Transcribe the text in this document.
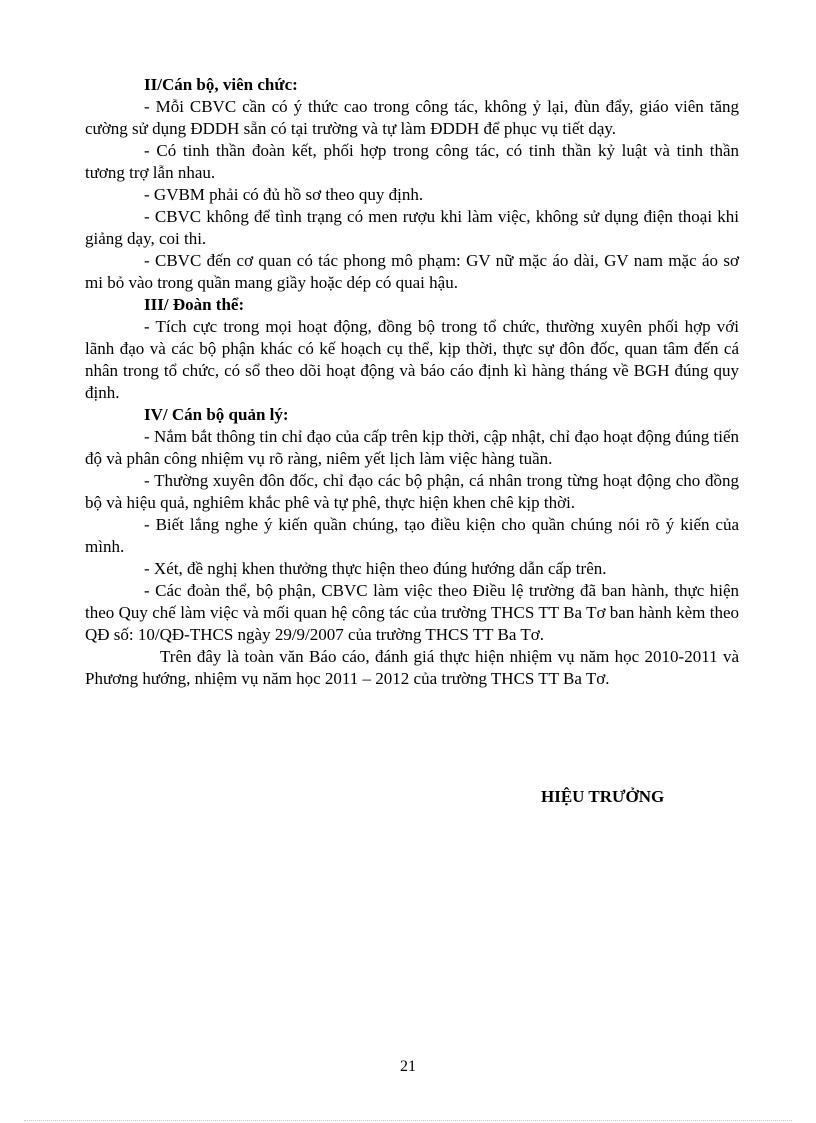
II/Cán bộ, viên chức:

- Mỗi CBVC cần có ý thức cao trong công tác, không ỷ lại, đùn đẩy, giáo viên tăng cường sử dụng ĐDDH sẵn có tại trường và tự làm ĐDDH để phục vụ tiết dạy.

- Có tinh thần đoàn kết, phối hợp trong công tác, có tinh thần kỷ luật và tinh thần tương trợ lẫn nhau.

- GVBM phải có đủ hồ sơ theo quy định.

- CBVC không để tình trạng có men rượu khi làm việc, không sử dụng điện thoại khi giảng dạy, coi thi.

- CBVC đến cơ quan có tác phong mô phạm: GV nữ mặc áo dài, GV nam mặc áo sơ mi bỏ vào trong quần mang giầy hoặc dép có quai hậu.

III/ Đoàn thể:

- Tích cực trong mọi hoạt động, đồng bộ trong tổ chức, thường xuyên phối hợp với lãnh đạo và các bộ phận khác có kế hoạch cụ thể, kịp thời, thực sự đôn đốc, quan tâm đến cá nhân trong tổ chức, có sổ theo dõi hoạt động và báo cáo định kì hàng tháng về BGH đúng quy định.

IV/ Cán bộ quản lý:

- Nắm bắt thông tin chỉ đạo của cấp trên kịp thời, cập nhật, chỉ đạo hoạt động đúng tiến độ và phân công nhiệm vụ rõ ràng, niêm yết lịch làm việc hàng tuần.

- Thường xuyên đôn đốc, chỉ đạo các bộ phận, cá nhân trong từng hoạt động cho đồng bộ và hiệu quả, nghiêm khắc phê và tự phê, thực hiện khen chê kịp thời.

- Biết lắng nghe ý kiến quần chúng, tạo điều kiện cho quần chúng nói rõ ý kiến của mình.

- Xét, đề nghị khen thưởng thực hiện theo đúng hướng dẫn cấp trên.

- Các đoàn thể, bộ phận, CBVC làm việc theo Điều lệ trường đã ban hành, thực hiện theo Quy chế làm việc và mối quan hệ công tác của trường THCS TT Ba Tơ ban hành kèm theo QĐ số: 10/QĐ-THCS ngày 29/9/2007 của trường THCS TT Ba Tơ.

Trên đây là toàn văn Báo cáo, đánh giá thực hiện nhiệm vụ năm học 2010-2011 và Phương hướng, nhiệm vụ năm học 2011 – 2012 của trường THCS TT Ba Tơ.

HIỆU TRƯỞNG
21
